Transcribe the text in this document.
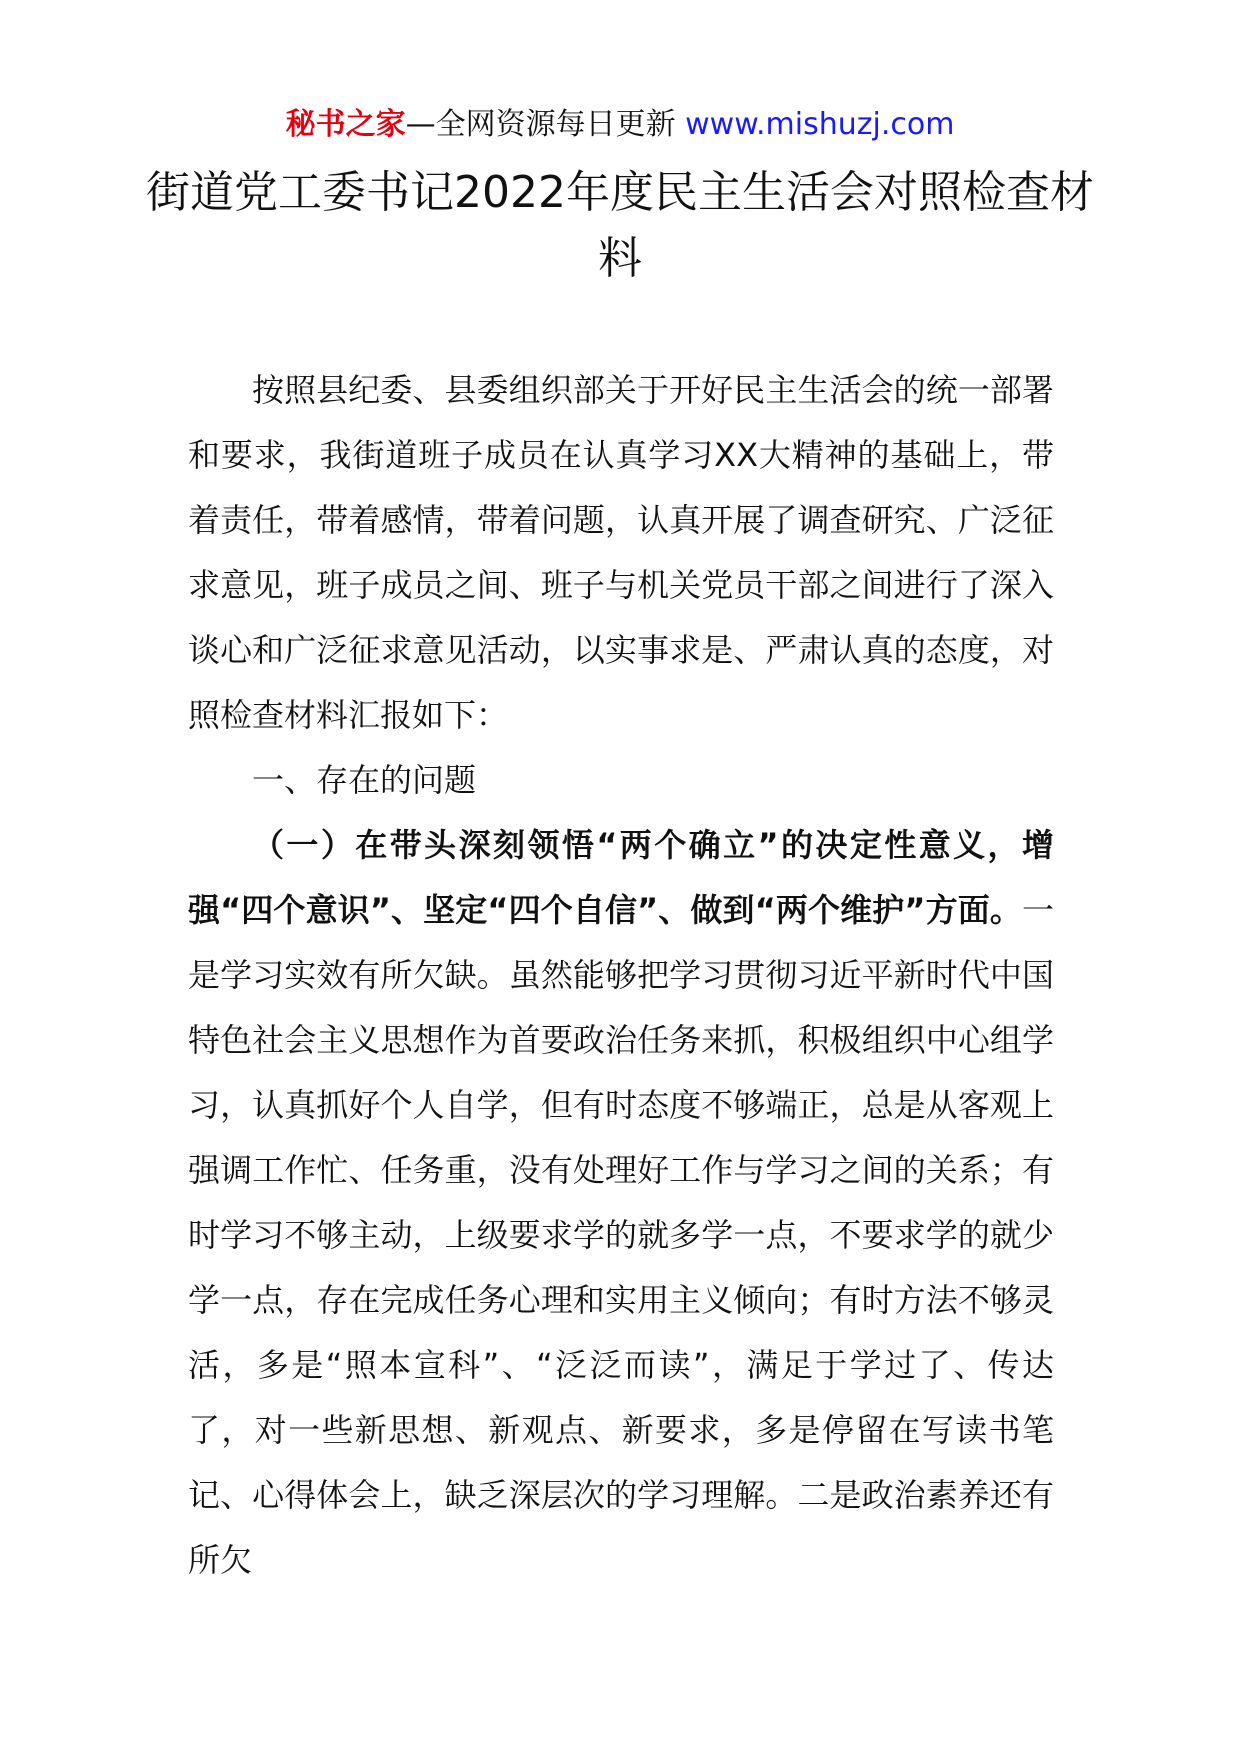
秘书之家—全网资源每日更新 www.mishuzj.com
街道党工委书记2022年度民主生活会对照检查材料

按照县纪委、县委组织部关于开好民主生活会的统一部署和要求，我街道班子成员在认真学习XX大精神的基础上，带着责任，带着感情，带着问题，认真开展了调查研究、广泛征求意见，班子成员之间、班子与机关党员干部之间进行了深入谈心和广泛征求意见活动，以实事求是、严肃认真的态度，对照检查材料汇报如下：

一、存在的问题

（一）在带头深刻领悟“两个确立”的决定性意义，增强“四个意识”、坚定“四个自信”、做到“两个维护”方面。一是学习实效有所欠缺。虽然能够把学习贯彻习近平新时代中国特色社会主义思想作为首要政治任务来抓，积极组织中心组学习，认真抓好个人自学，但有时态度不够端正，总是从客观上强调工作忙、任务重，没有处理好工作与学习之间的关系；有时学习不够主动，上级要求学的就多学一点，不要求学的就少学一点，存在完成任务心理和实用主义倾向；有时方法不够灵活，多是“照本宣科”、“泛泛而读”，满足于学过了、传达了，对一些新思想、新观点、新要求，多是停留在写读书笔记、心得体会上，缺乏深层次的学习理解。二是政治素养还有所欠
